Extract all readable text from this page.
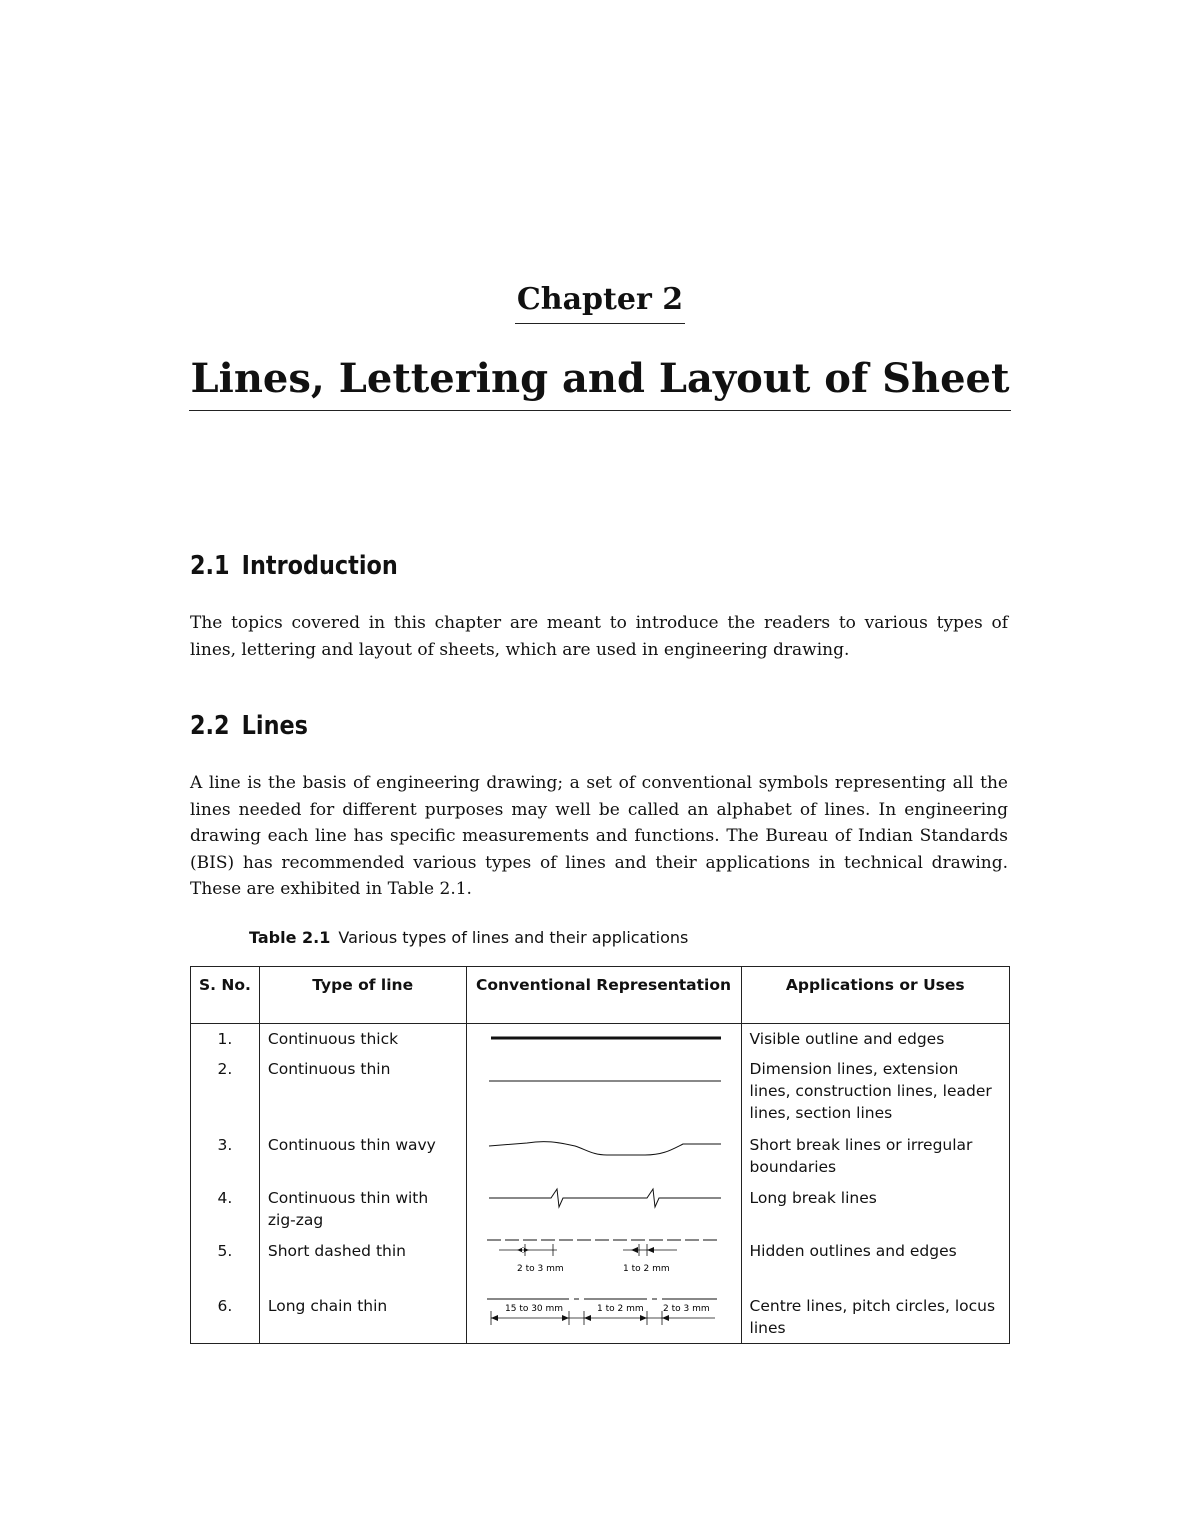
Chapter 2
Lines, Lettering and Layout of Sheet
2.1 Introduction
The topics covered in this chapter are meant to introduce the readers to various types of lines, lettering and layout of sheets, which are used in engineering drawing.
2.2 Lines
A line is the basis of engineering drawing; a set of conventional symbols representing all the lines needed for different purposes may well be called an alphabet of lines. In engineering drawing each line has specific measurements and functions. The Bureau of Indian Standards (BIS) has recommended various types of lines and their applications in technical drawing. These are exhibited in Table 2.1.
Table 2.1 Various types of lines and their applications
S. No.	Type of line	Conventional Representation	Applications or Uses
1.	Continuous thick		Visible outline and edges
2.	Continuous thin		Dimension lines, extension lines, construction lines, leader lines, section lines
3.	Continuous thin wavy		Short break lines or irregular boundaries
4.	Continuous thin with zig-zag		Long break lines
5.	Short dashed thin	2 to 3 mm 1 to 2 mm	Hidden outlines and edges
6.	Long chain thin	15 to 30 mm 1 to 2 mm 2 to 3 mm	Centre lines, pitch circles, locus lines
